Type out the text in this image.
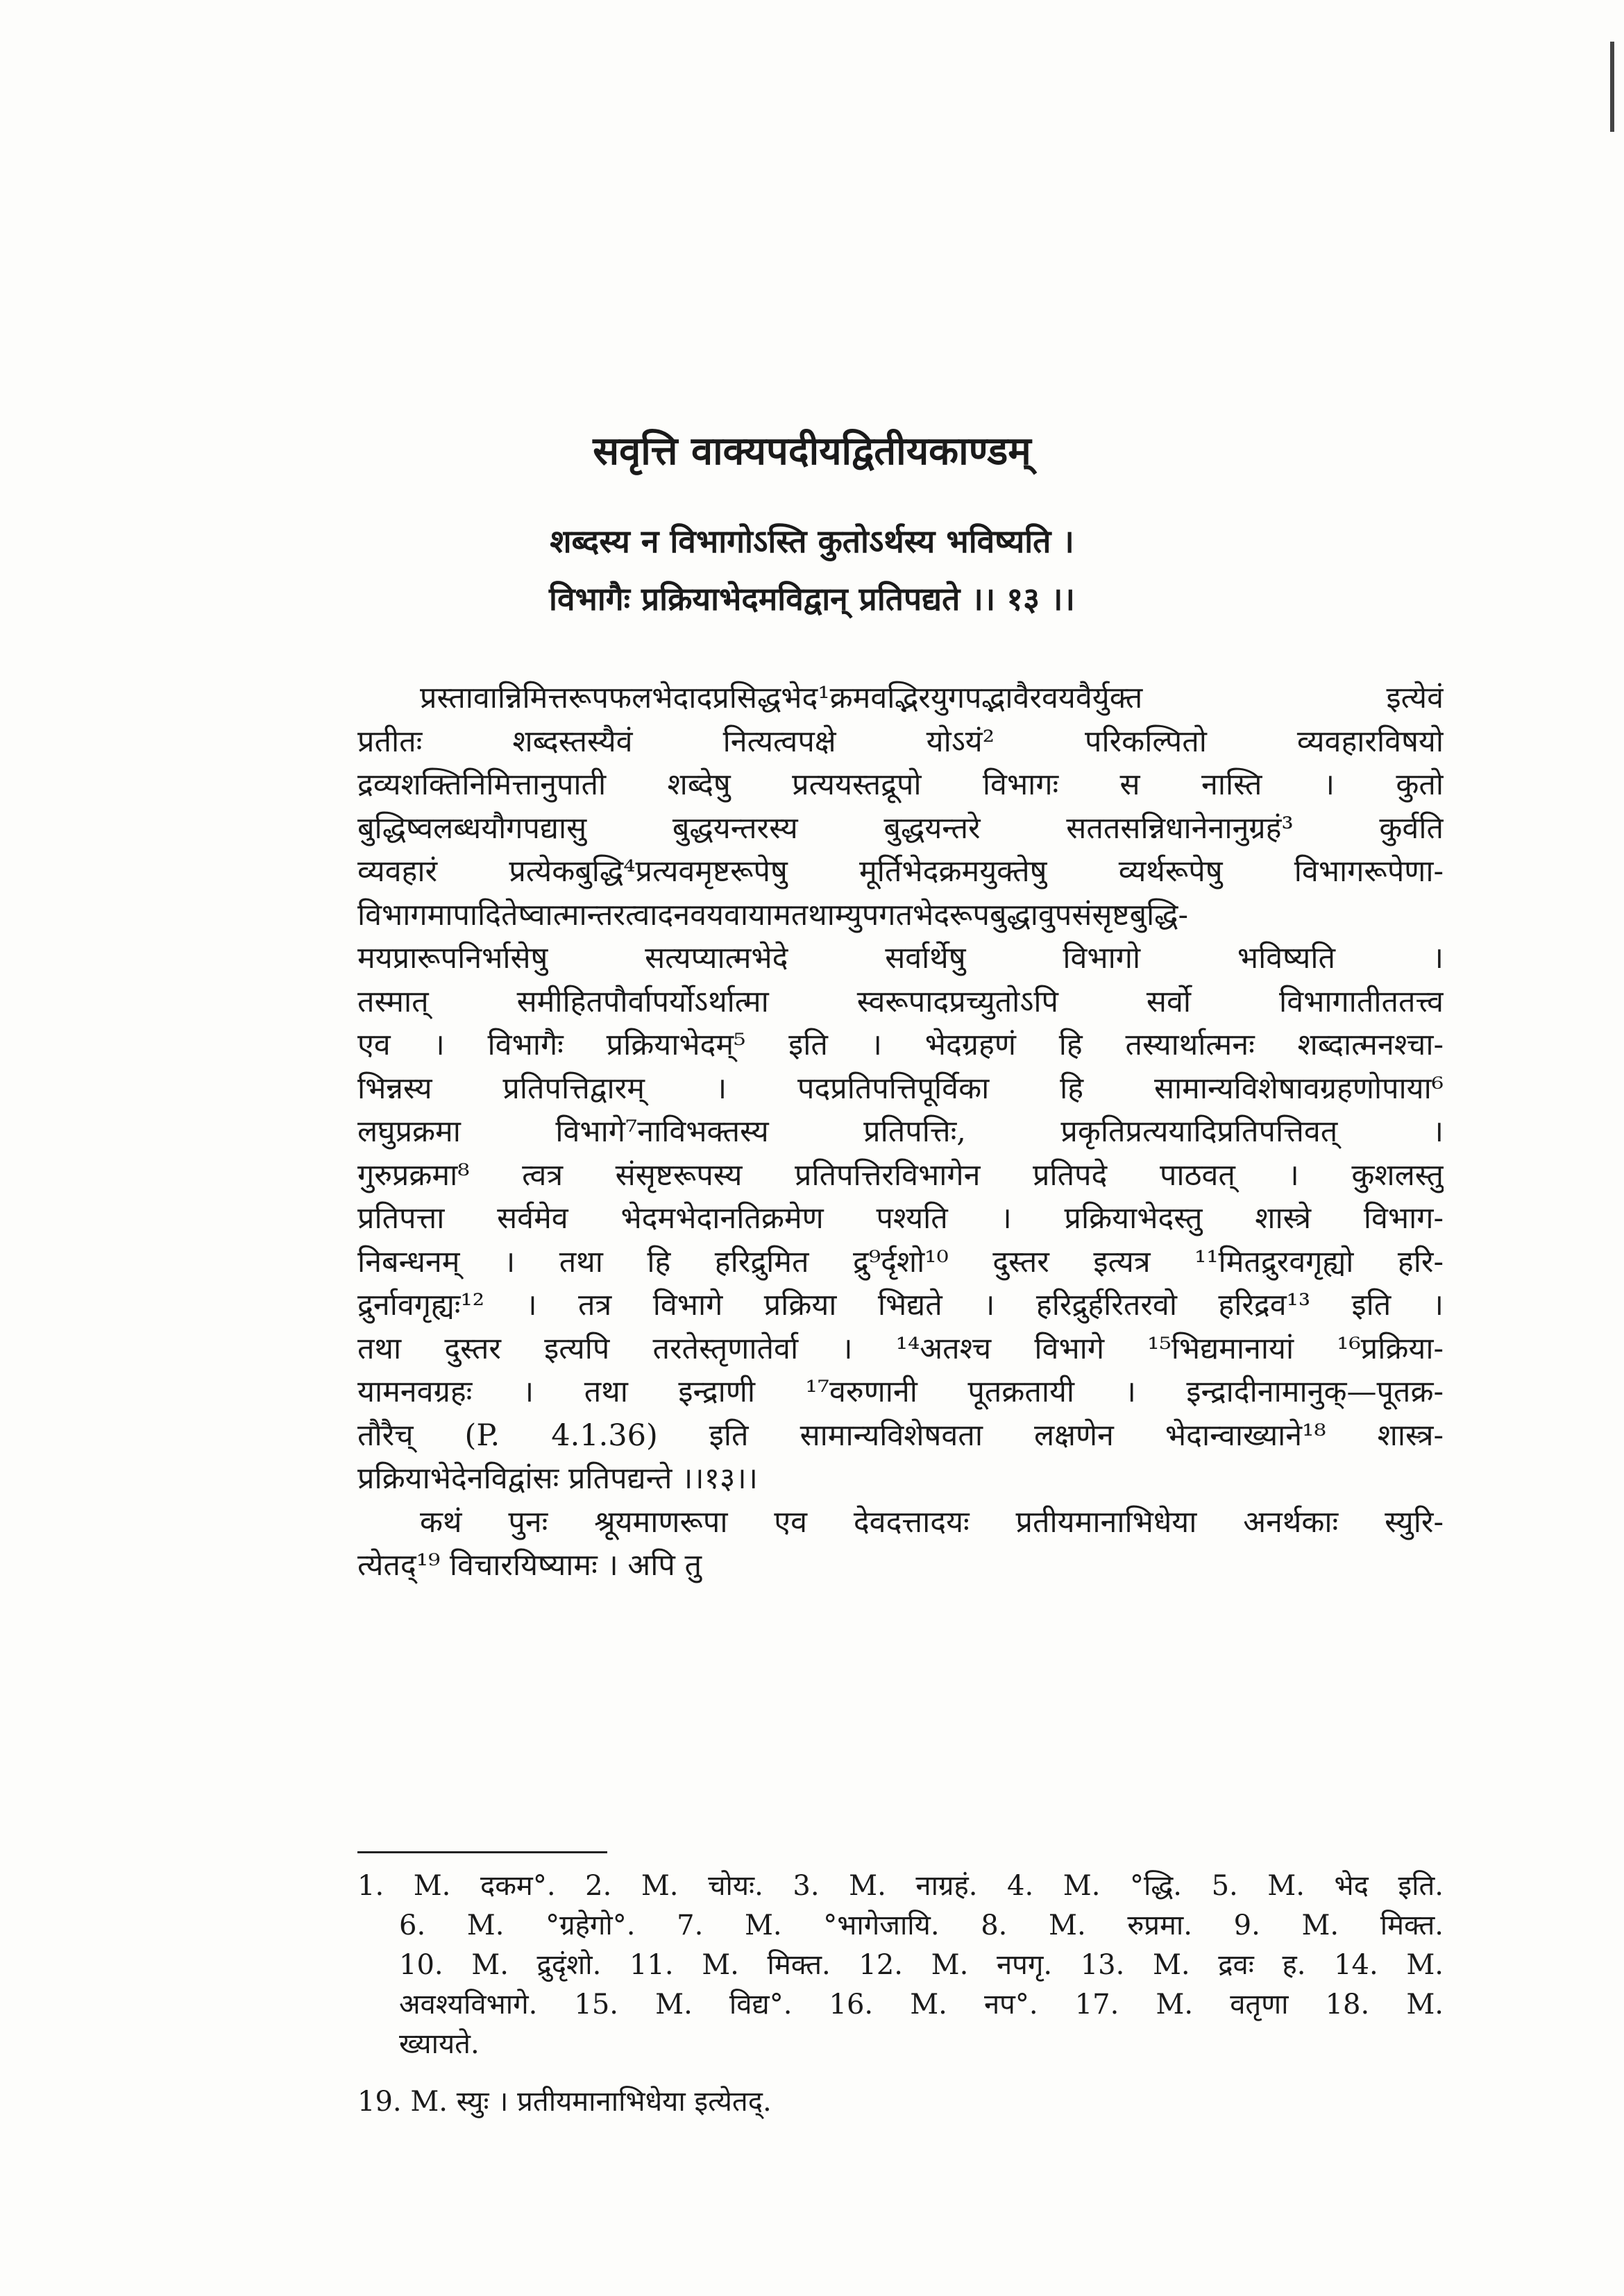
सवृत्ति वाक्यपदीयद्वितीयकाण्डम्
शब्दस्य न विभागोऽस्ति कुतोऽर्थस्य भविष्यति ।
विभागैः प्रक्रियाभेदमविद्वान् प्रतिपद्यते ।। १३ ।।
प्रस्तावान्निमित्तरूपफलभेदादप्रसिद्धभेद¹क्रमवद्भिरयुगपद्भावैरवयवैर्युक्त इत्येवं
प्रतीतः शब्दस्तस्यैवं नित्यत्वपक्षे योऽयं² परिकल्पितो व्यवहारविषयो
द्रव्यशक्तिनिमित्तानुपाती शब्देषु प्रत्ययस्तद्रूपो विभागः स नास्ति । कुतो
बुद्धिष्वलब्धयौगपद्यासु बुद्धयन्तरस्य बुद्धयन्तरे सततसन्निधानेनानुग्रहं³ कुर्वति
व्यवहारं प्रत्येकबुद्धि⁴प्रत्यवमृष्टरूपेषु मूर्तिभेदक्रमयुक्तेषु व्यर्थरूपेषु विभागरूपेणा-
विभागमापादितेष्वात्मान्तरत्वादनवयवायामतथाम्युपगतभेदरूपबुद्धावुपसंसृष्टबुद्धि-
मयप्रारूपनिर्भासेषु सत्यप्यात्मभेदे सर्वार्थेषु विभागो भविष्यति ।
तस्मात् समीहितपौर्वापर्योऽर्थात्मा स्वरूपादप्रच्युतोऽपि सर्वो विभागातीततत्त्व
एव । विभागैः प्रक्रियाभेदम्⁵ इति । भेदग्रहणं हि तस्यार्थात्मनः शब्दात्मनश्चा-
भिन्नस्य प्रतिपत्तिद्वारम् । पदप्रतिपत्तिपूर्विका हि सामान्यविशेषावग्रहणोपाया⁶
लघुप्रक्रमा विभागे⁷नाविभक्तस्य प्रतिपत्तिः, प्रकृतिप्रत्ययादिप्रतिपत्तिवत् ।
गुरुप्रक्रमा⁸ त्वत्र संसृष्टरूपस्य प्रतिपत्तिरविभागेन प्रतिपदे पाठवत् । कुशलस्तु
प्रतिपत्ता सर्वमेव भेदमभेदानतिक्रमेण पश्यति । प्रक्रियाभेदस्तु शास्त्रे विभाग-
निबन्धनम् । तथा हि हरिद्रुमित द्रु⁹र्दृशो¹⁰ दुस्तर इत्यत्र ¹¹मितद्रुरवगृह्यो हरि-
द्रुर्नावगृह्यः¹² । तत्र विभागे प्रक्रिया भिद्यते । हरिद्रुर्हरितरवो हरिद्रव¹³ इति ।
तथा दुस्तर इत्यपि तरतेस्तृणातेर्वा । ¹⁴अतश्च विभागे ¹⁵भिद्यमानायां ¹⁶प्रक्रिया-
यामनवग्रहः । तथा इन्द्राणी ¹⁷वरुणानी पूतक्रतायी । इन्द्रादीनामानुक्—पूतक्र-
तौरैच् (P. 4.1.36) इति सामान्यविशेषवता लक्षणेन भेदान्वाख्याने¹⁸ शास्त्र-
प्रक्रियाभेदेनविद्वांसः प्रतिपद्यन्ते ।।१३।।
कथं पुनः श्रूयमाणरूपा एव देवदत्तादयः प्रतीयमानाभिधेया अनर्थकाः स्युरि-
त्येतद्¹⁹ विचारयिष्यामः । अपि तु
1. M. दकम°. 2. M. चोयः. 3. M. नाग्रहं. 4. M. °द्धि. 5. M. भेद इति.
6. M. °ग्रहेगो°. 7. M. °भागेजायि. 8. M. रुप्रमा. 9. M. मिक्त.
10. M. द्रुदृंशो. 11. M. मिक्त. 12. M. नपगृ. 13. M. द्रवः ह. 14. M.
अवश्यविभागे. 15. M. विद्य°. 16. M. नप°. 17. M. वतृणा 18. M.
ख्यायते.
19. M. स्युः । प्रतीयमानाभिधेया इत्येतद्.
